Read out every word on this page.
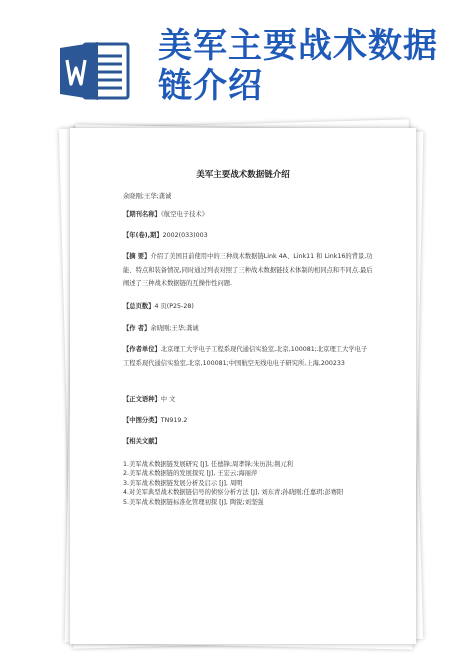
美军主要战术数据链介绍
美军主要战术数据链介绍
余晓刚;王华;龚诚
【期刊名称】《航空电子技术》
【年(卷),期】2002(033)003
【摘 要】介绍了美国目前使用中的三种战术数据链Link 4A、Link11 和 Link16的背景,功能、特点和装备情况,同时通过列表对照了三种战术数据链技术体制的相同点和不同点.最后阐述了三种战术数据链的互操作性问题.
【总页数】4 页(P25-28)
【作 者】余晓刚;王华;龚诚
【作者单位】北京理工大学电子工程系现代通信实验室,北京,100081;北京理工大学电子工程系现代通信实验室,北京,100081;中国航空无线电电子研究所,上海,200233
【正文语种】中 文
【中图分类】TN919.2
【相关文献】
1.美军战术数据链发展研究 [J], 任德锋;周孝锋;朱历洪;荆元利
2.美军战术数据链的发展探究 [J], 王宏云;海丽萍
3.美军战术数据链发展分析及启示 [J], 周明
4.对美军典型战术数据链信号的侦察分析方法 [J], 刘东青;孙晓刚;任嘉玥;彭赛阳
5.美军战术数据链标准化管理初探 [J], 陶锐;刘坚强
